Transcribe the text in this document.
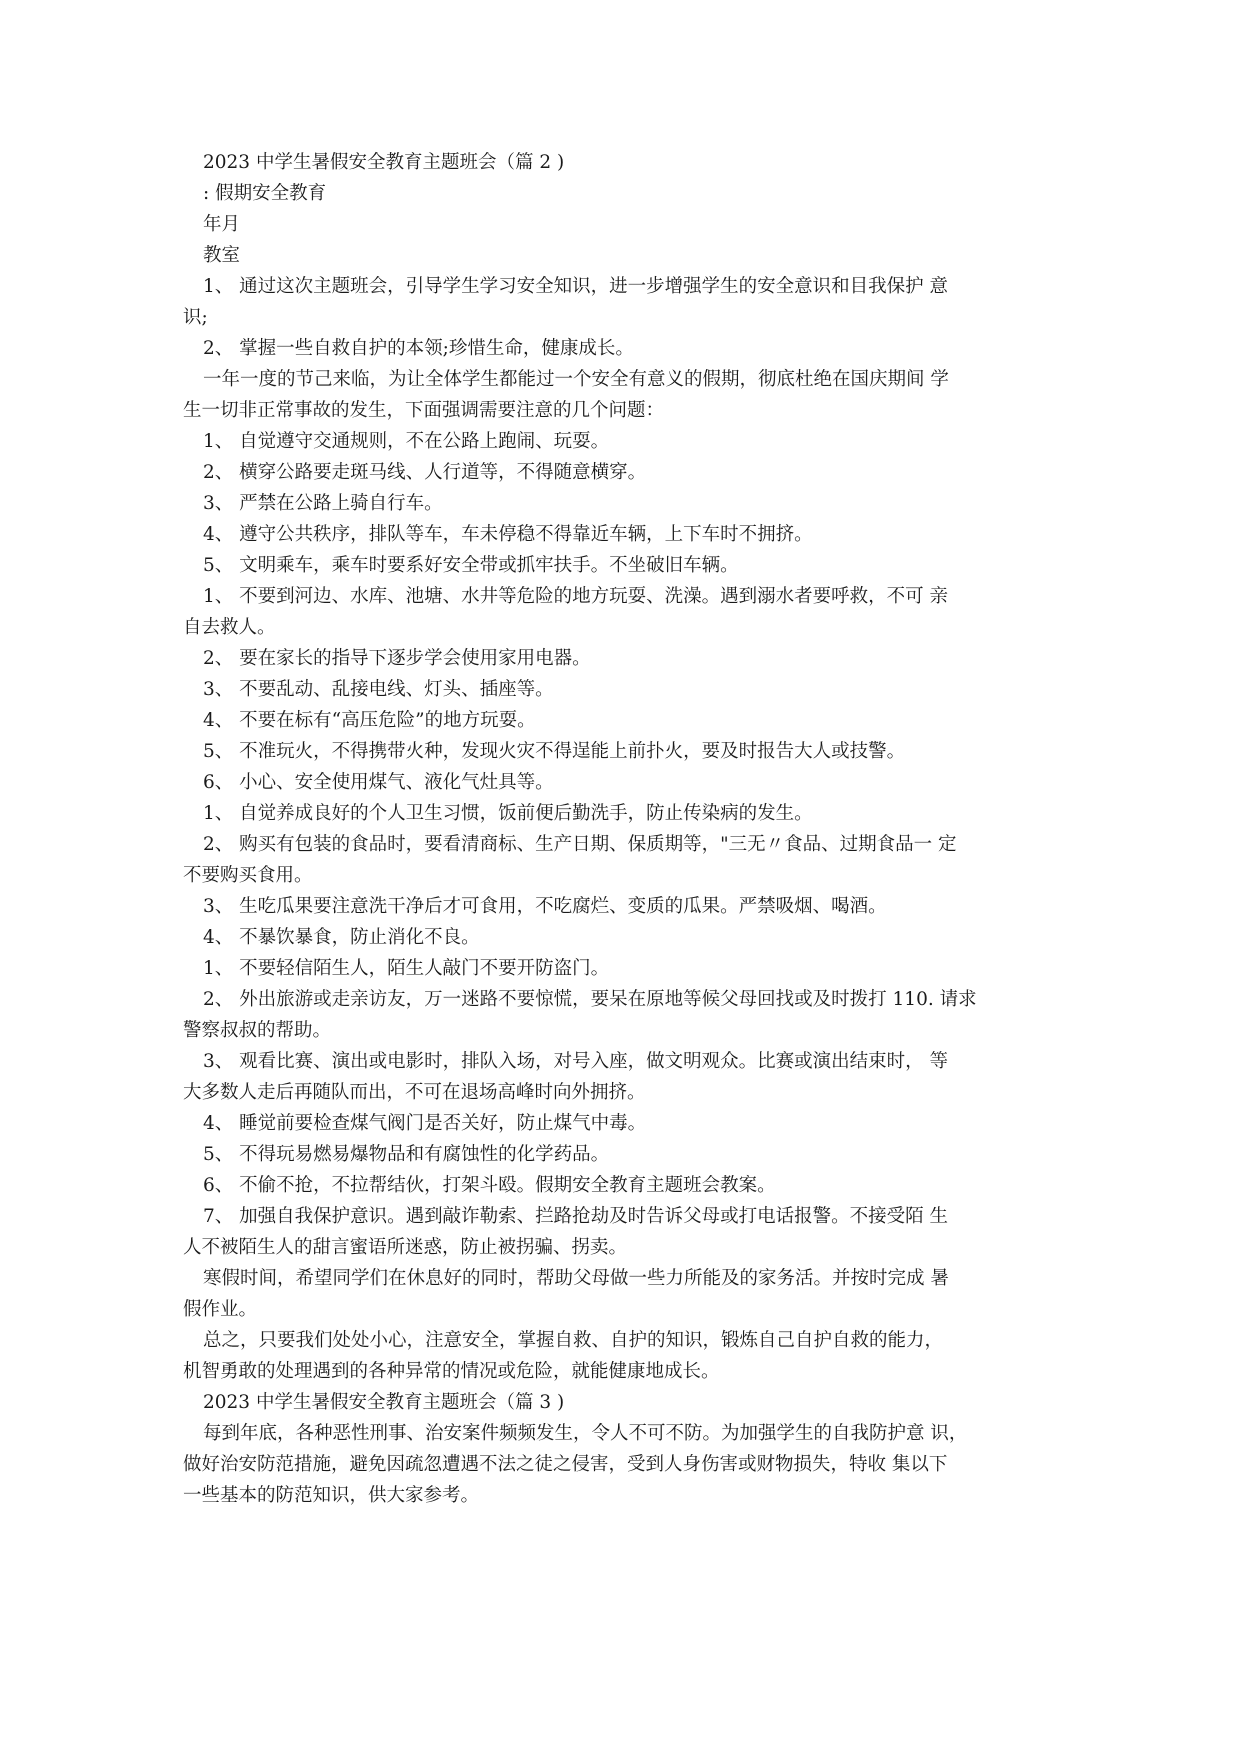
2023 中学生暑假安全教育主题班会（篇 2 )
: 假期安全教育
年月
教室
1、 通过这次主题班会，引导学生学习安全知识，进一步增强学生的安全意识和目我保护 意
识;
2、 掌握一些自救自护的本领;珍惜生命，健康成长。
一年一度的节己来临，为让全体学生都能过一个安全有意义的假期，彻底杜绝在国庆期间 学
生一切非正常事故的发生，下面强调需要注意的几个问题：
1、 自觉遵守交通规则，不在公路上跑闹、玩耍。
2、 横穿公路要走斑马线、人行道等，不得随意横穿。
3、 严禁在公路上骑自行车。
4、 遵守公共秩序，排队等车，车未停稳不得靠近车辆，上下车时不拥挤。
5、 文明乘车，乘车时要系好安全带或抓牢扶手。不坐破旧车辆。
1、 不要到河边、水库、池塘、水井等危险的地方玩耍、洗澡。遇到溺水者要呼救，不可 亲
自去救人。
2、 要在家长的指导下逐步学会使用家用电器。
3、 不要乱动、乱接电线、灯头、插座等。
4、 不要在标有“高压危险”的地方玩耍。
5、 不准玩火，不得携带火种，发现火灾不得逞能上前扑火，要及时报告大人或技警。
6、 小心、安全使用煤气、液化气灶具等。
1、 自觉养成良好的个人卫生习惯，饭前便后勤洗手，防止传染病的发生。
2、 购买有包装的食品时，要看清商标、生产日期、保质期等，"三无〃食品、过期食品一 定
不要购买食用。
3、 生吃瓜果要注意洗干净后才可食用，不吃腐烂、变质的瓜果。严禁吸烟、喝酒。
4、 不暴饮暴食，防止消化不良。
1、 不要轻信陌生人，陌生人敲门不要开防盗门。
2、 外出旅游或走亲访友，万一迷路不要惊慌，要呆在原地等候父母回找或及时拨打 110. 请求
警察叔叔的帮助。
3、 观看比赛、演出或电影时，排队入场，对号入座，做文明观众。比赛或演出结束时， 等
大多数人走后再随队而出，不可在退场高峰时向外拥挤。
4、 睡觉前要检查煤气阀门是否关好，防止煤气中毒。
5、 不得玩易燃易爆物品和有腐蚀性的化学药品。
6、 不偷不抢，不拉帮结伙，打架斗殴。假期安全教育主题班会教案。
7、 加强自我保护意识。遇到敲诈勒索、拦路抢劫及时告诉父母或打电话报警。不接受陌 生
人不被陌生人的甜言蜜语所迷惑，防止被拐骗、拐卖。
寒假时间，希望同学们在休息好的同时，帮助父母做一些力所能及的家务活。并按时完成 暑
假作业。
总之，只要我们处处小心，注意安全，掌握自救、自护的知识，锻炼自己自护自救的能力，
机智勇敢的处理遇到的各种异常的情况或危险，就能健康地成长。
2023 中学生暑假安全教育主题班会（篇 3 )
每到年底，各种恶性刑事、治安案件频频发生，令人不可不防。为加强学生的自我防护意 识，
做好治安防范措施，避免因疏忽遭遇不法之徒之侵害，受到人身伤害或财物损失，特收 集以下
一些基本的防范知识，供大家参考。
